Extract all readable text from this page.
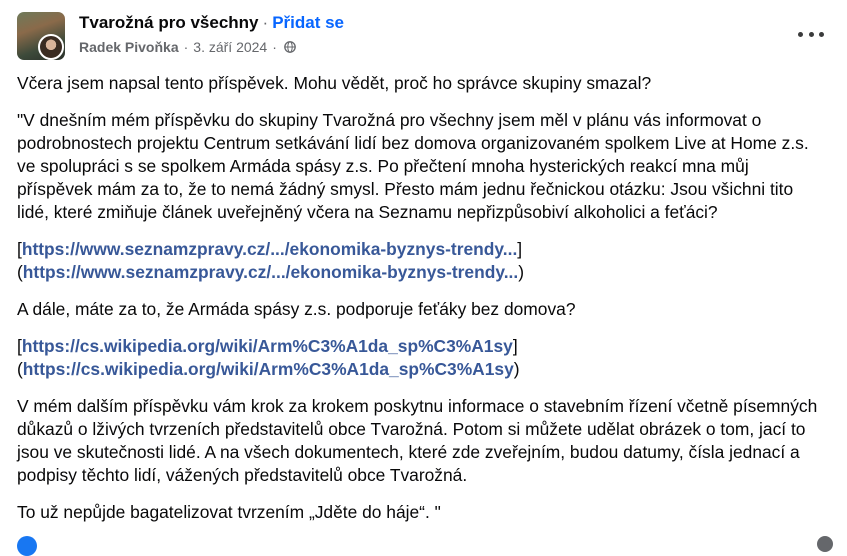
Tvarožná pro všechny · Přidat se
Radek Pivoňka · 3. září 2024 ·

Včera jsem napsal tento příspěvek. Mohu vědět, proč ho správce skupiny smazal?

"V dnešním mém příspěvku do skupiny Tvarožná pro všechny jsem měl v plánu vás informovat o podrobnostech projektu Centrum setkávání lidí bez domova organizovaném spolkem Live at Home z.s. ve spolupráci s se spolkem Armáda spásy z.s. Po přečtení mnoha hysterických reakcí mna můj příspěvek mám za to, že to nemá žádný smysl. Přesto mám jednu řečnickou otázku: Jsou všichni tito lidé, které zmiňuje článek uveřejněný včera na Seznamu nepřizpůsobiví alkoholici a feťáci?

[https://www.seznamzpravy.cz/.../ekonomika-byznys-trendy...]
(https://www.seznamzpravy.cz/.../ekonomika-byznys-trendy...)

A dále, máte za to, že Armáda spásy z.s. podporuje feťáky bez domova?

[https://cs.wikipedia.org/wiki/Arm%C3%A1da_sp%C3%A1sy]
(https://cs.wikipedia.org/wiki/Arm%C3%A1da_sp%C3%A1sy)

V mém dalším příspěvku vám krok za krokem poskytnu informace o stavebním řízení včetně písemných důkazů o lživých tvrzeních představitelů obce Tvarožná. Potom si můžete udělat obrázek o tom, jací to jsou ve skutečnosti lidé. A na všech dokumentech, které zde zveřejním, budou datumy, čísla jednací a podpisy těchto lidí, vážených představitelů obce Tvarožná.

To už nepůjde bagatelizovat tvrzením „Jděte do háje“. "
